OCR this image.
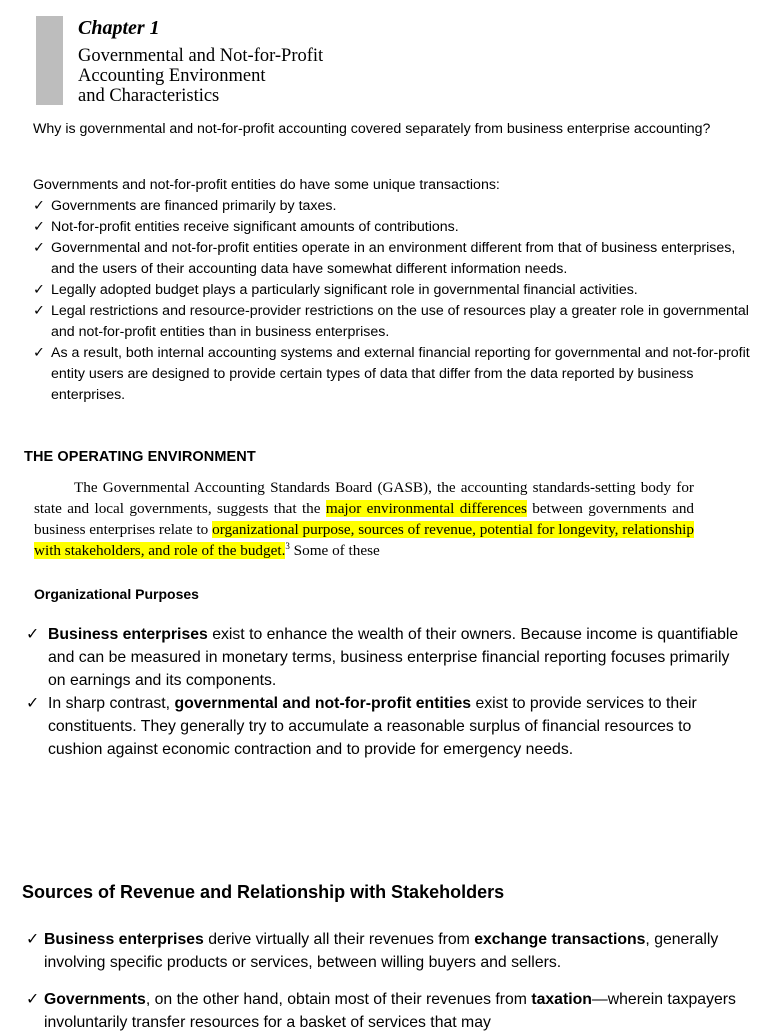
Chapter 1
Governmental and Not-for-Profit
Accounting Environment
and Characteristics
Why is governmental and not-for-profit accounting covered separately from business enterprise accounting?
Governments and not-for-profit entities do have some unique transactions:
✓ Governments are financed primarily by taxes.
✓ Not-for-profit entities receive significant amounts of contributions.
✓ Governmental and not-for-profit entities operate in an environment different from that of business enterprises, and the users of their accounting data have somewhat different information needs.
✓ Legally adopted budget plays a particularly significant role in governmental financial activities.
✓ Legal restrictions and resource-provider restrictions on the use of resources play a greater role in governmental and not-for-profit entities than in business enterprises.
✓ As a result, both internal accounting systems and external financial reporting for governmental and not-for-profit entity users are designed to provide certain types of data that differ from the data reported by business enterprises.
THE OPERATING ENVIRONMENT
The Governmental Accounting Standards Board (GASB), the accounting standards-setting body for state and local governments, suggests that the major environmental differences between governments and business enterprises relate to organizational purpose, sources of revenue, potential for longevity, relationship with stakeholders, and role of the budget.$^3$ Some of these
Organizational Purposes
✓ Business enterprises exist to enhance the wealth of their owners. Because income is quantifiable and can be measured in monetary terms, business enterprise financial reporting focuses primarily on earnings and its components.
✓ In sharp contrast, governmental and not-for-profit entities exist to provide services to their constituents. They generally try to accumulate a reasonable surplus of financial resources to cushion against economic contraction and to provide for emergency needs.
Sources of Revenue and Relationship with Stakeholders
✓ Business enterprises derive virtually all their revenues from exchange transactions, generally involving specific products or services, between willing buyers and sellers.
✓ Governments, on the other hand, obtain most of their revenues from taxation—wherein taxpayers involuntarily transfer resources for a basket of services that may
